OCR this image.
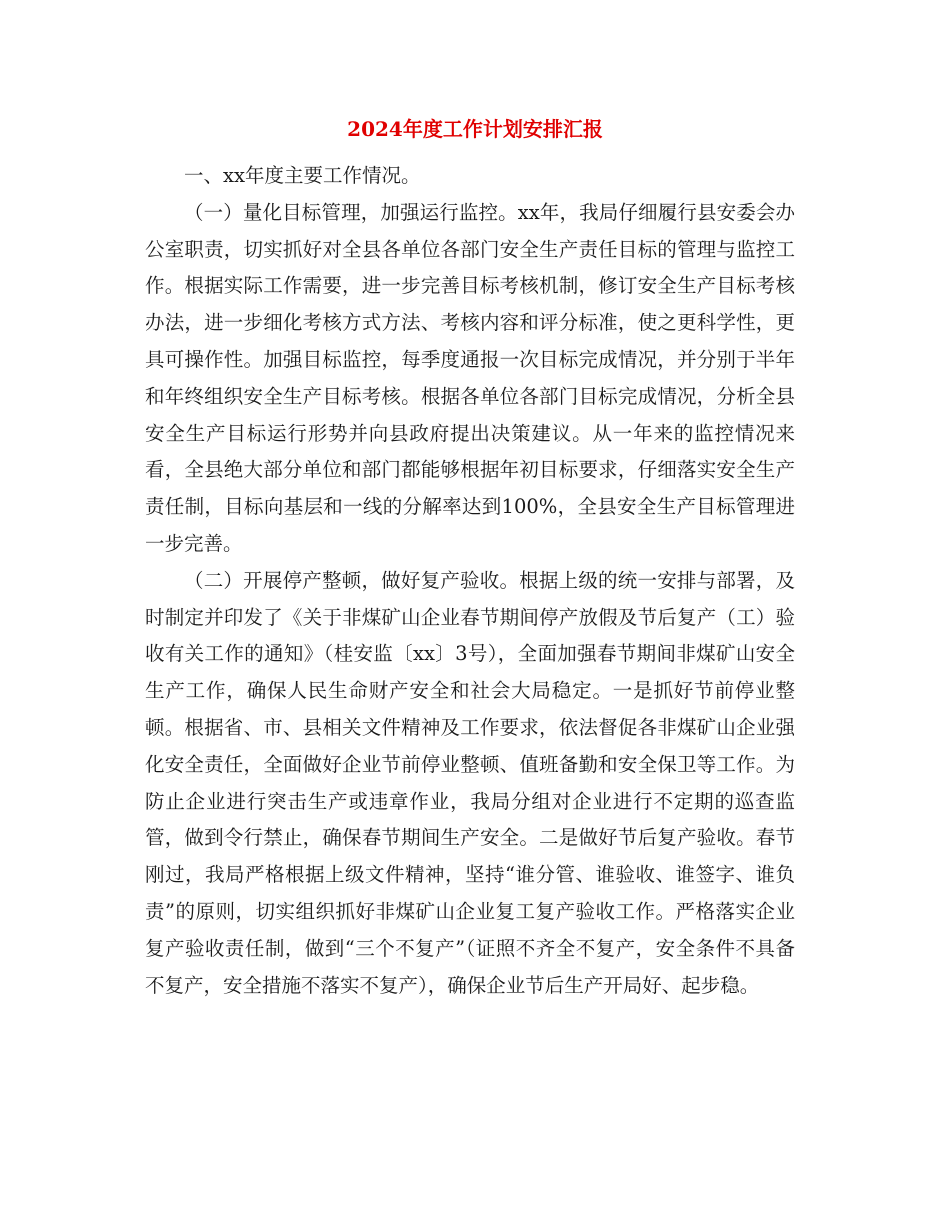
2024年度工作计划安排汇报

一、xx年度主要工作情况。

（一）量化目标管理，加强运行监控。xx年，我局仔细履行县安委会办公室职责，切实抓好对全县各单位各部门安全生产责任目标的管理与监控工作。根据实际工作需要，进一步完善目标考核机制，修订安全生产目标考核办法，进一步细化考核方式方法、考核内容和评分标准，使之更科学性，更具可操作性。加强目标监控，每季度通报一次目标完成情况，并分别于半年和年终组织安全生产目标考核。根据各单位各部门目标完成情况，分析全县安全生产目标运行形势并向县政府提出决策建议。从一年来的监控情况来看，全县绝大部分单位和部门都能够根据年初目标要求，仔细落实安全生产责任制，目标向基层和一线的分解率达到100%，全县安全生产目标管理进一步完善。

（二）开展停产整顿，做好复产验收。根据上级的统一安排与部署，及时制定并印发了《关于非煤矿山企业春节期间停产放假及节后复产（工）验收有关工作的通知》（桂安监〔xx〕3号），全面加强春节期间非煤矿山安全生产工作，确保人民生命财产安全和社会大局稳定。一是抓好节前停业整顿。根据省、市、县相关文件精神及工作要求，依法督促各非煤矿山企业强化安全责任，全面做好企业节前停业整顿、值班备勤和安全保卫等工作。为防止企业进行突击生产或违章作业，我局分组对企业进行不定期的巡查监管，做到令行禁止，确保春节期间生产安全。二是做好节后复产验收。春节刚过，我局严格根据上级文件精神，坚持“谁分管、谁验收、谁签字、谁负责”的原则，切实组织抓好非煤矿山企业复工复产验收工作。严格落实企业复产验收责任制，做到“三个不复产”（证照不齐全不复产，安全条件不具备不复产，安全措施不落实不复产），确保企业节后生产开局好、起步稳。
